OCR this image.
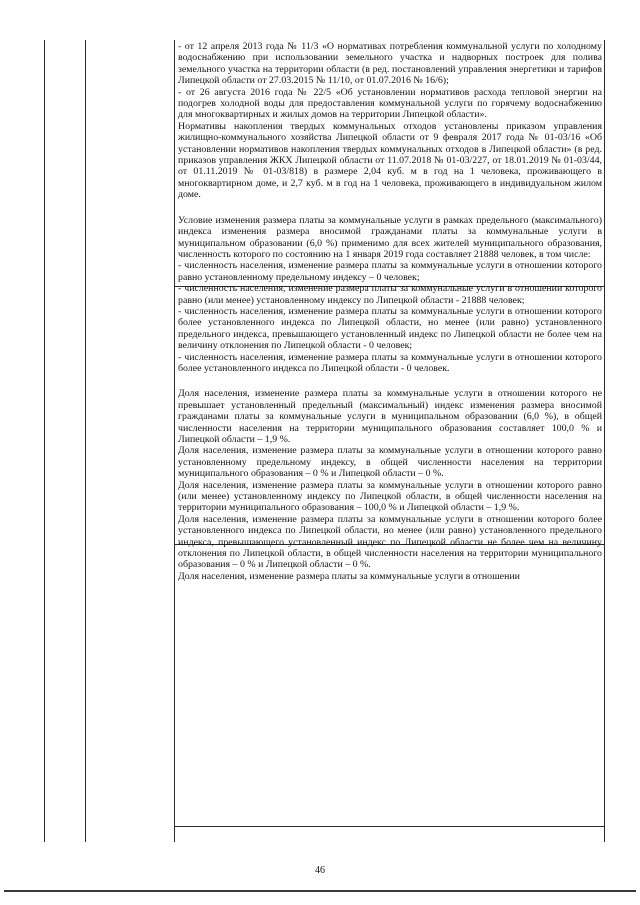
- от 12 апреля 2013 года № 11/3 «О нормативах потребления коммунальной услуги по холодному водоснабжению при использовании земельного участка и надворных построек для полива земельного участка на территории области (в ред. постановлений управления энергетики и тарифов Липецкой области от 27.03.2015 № 11/10, от 01.07.2016 № 16/6);

- от 26 августа 2016 года № 22/5 «Об установлении нормативов расхода тепловой энергии на подогрев холодной воды для предоставления коммунальной услуги по горячему водоснабжению для многоквартирных и жилых домов на территории Липецкой области».

Нормативы накопления твердых коммунальных отходов установлены приказом управления жилищно-коммунального хозяйства Липецкой области от 9 февраля 2017 года № 01-03/16 «Об установлении нормативов накопления твердых коммунальных отходов в Липецкой области» (в ред. приказов управления ЖКХ Липецкой области от 11.07.2018 № 01-03/227, от 18.01.2019 № 01-03/44, от 01.11.2019 № 01-03/818) в размере 2,04 куб. м в год на 1 человека, проживающего в многоквартирном доме, и 2,7 куб. м в год на 1 человека, проживающего в индивидуальном жилом доме.

Условие изменения размера платы за коммунальные услуги в рамках предельного (максимального) индекса изменения размера вносимой гражданами платы за коммунальные услуги в муниципальном образовании (6,0 %) применимо для всех жителей муниципального образования, численность которого по состоянию на 1 января 2019 года составляет 21888 человек, в том числе:

- численность населения, изменение размера платы за коммунальные услуги в отношении которого равно установленному предельному индексу – 0 человек;

- численность населения, изменение размера платы за коммунальные услуги в отношении которого равно (или менее) установленному индексу по Липецкой области - 21888 человек;

- численность населения, изменение размера платы за коммунальные услуги в отношении которого более установленного индекса по Липецкой области, но менее (или равно) установленного предельного индекса, превышающего установленный индекс по Липецкой области не более чем на величину отклонения по Липецкой области - 0 человек;

- численность населения, изменение размера платы за коммунальные услуги в отношении которого более установленного индекса по Липецкой области - 0 человек.

Доля населения, изменение размера платы за коммунальные услуги в отношении которого не превышает установленный предельный (максимальный) индекс изменения размера вносимой гражданами платы за коммунальные услуги в муниципальном образовании (6,0 %), в общей численности населения на территории муниципального образования составляет 100,0 % и Липецкой области – 1,9 %.

Доля населения, изменение размера платы за коммунальные услуги в отношении которого равно установленному предельному индексу, в общей численности населения на территории муниципального образования – 0 % и Липецкой области – 0 %.

Доля населения, изменение размера платы за коммунальные услуги в отношении которого равно (или менее) установленному индексу по Липецкой области, в общей численности населения на территории муниципального образования – 100,0 % и Липецкой области – 1,9 %.

Доля населения, изменение размера платы за коммунальные услуги в отношении которого более установленного индекса по Липецкой области, но менее (или равно) установленного предельного индекса, превышающего установленный индекс по Липецкой области не более чем на величину отклонения по Липецкой области, в общей численности населения на территории муниципального образования – 0 % и Липецкой области – 0 %.

Доля населения, изменение размера платы за коммунальные услуги в отношении

46
